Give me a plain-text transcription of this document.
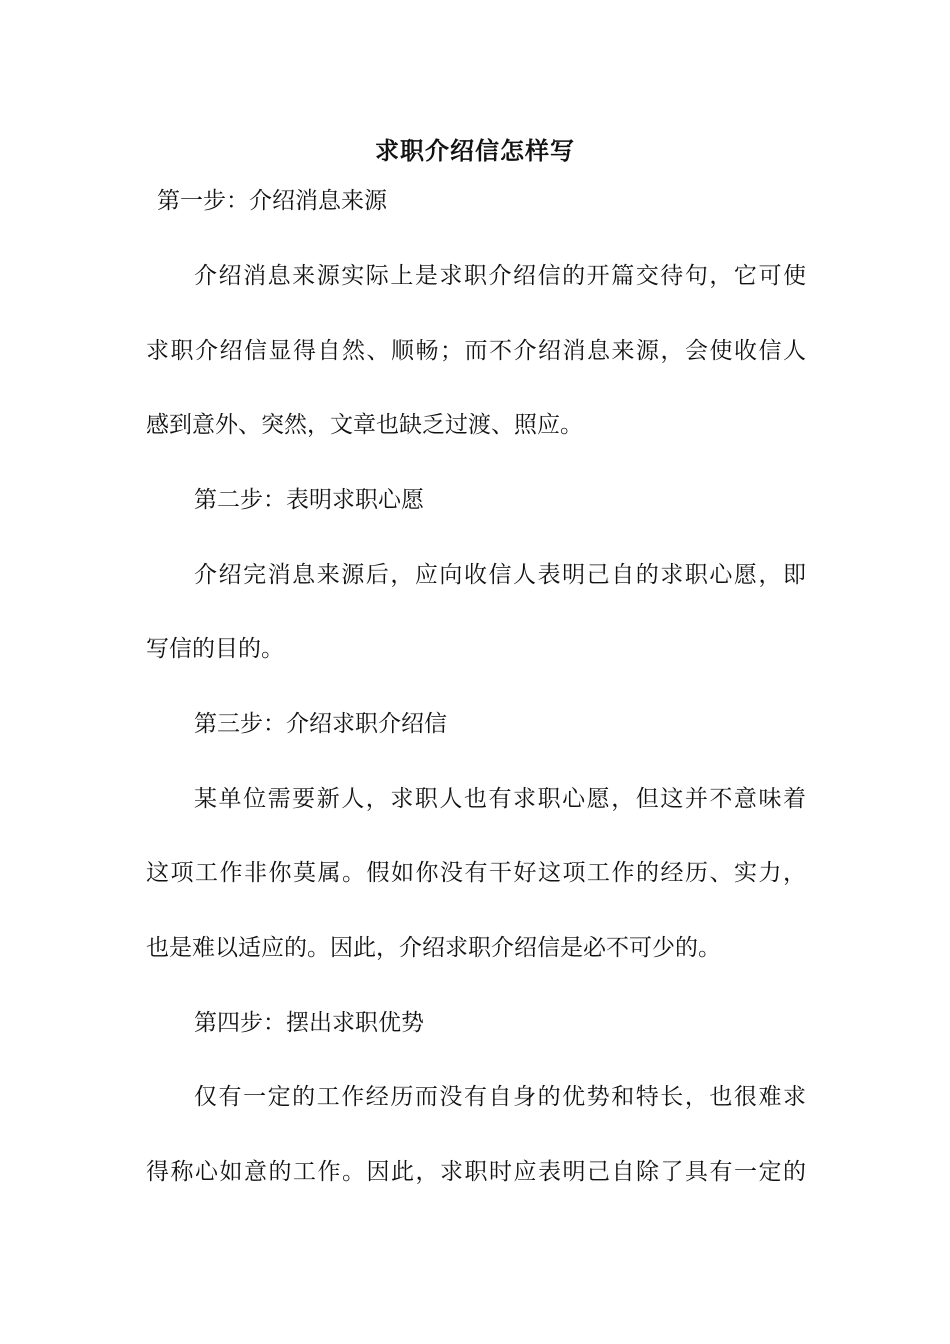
求职介绍信怎样写
第一步：介绍消息来源
介绍消息来源实际上是求职介绍信的开篇交待句，它可使
求职介绍信显得自然、顺畅；而不介绍消息来源，会使收信人
感到意外、突然，文章也缺乏过渡、照应。
第二步：表明求职心愿
介绍完消息来源后，应向收信人表明己自的求职心愿，即
写信的目的。
第三步：介绍求职介绍信
某单位需要新人，求职人也有求职心愿，但这并不意味着
这项工作非你莫属。假如你没有干好这项工作的经历、实力，
也是难以适应的。因此，介绍求职介绍信是必不可少的。
第四步：摆出求职优势
仅有一定的工作经历而没有自身的优势和特长，也很难求
得称心如意的工作。因此，求职时应表明己自除了具有一定的
